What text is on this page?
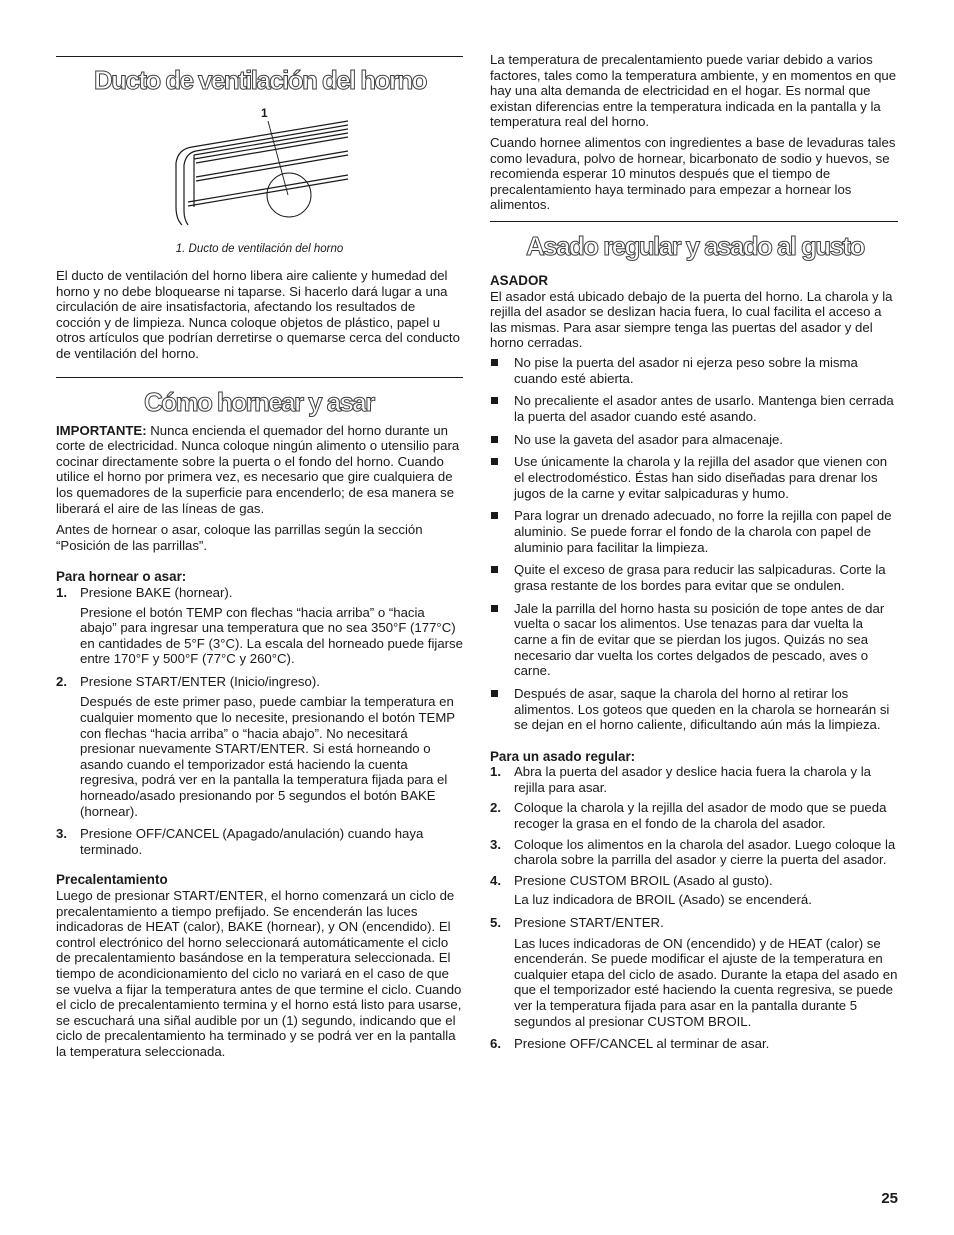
Ducto de ventilación del horno
1

1. Ducto de ventilación del horno

El ducto de ventilación del horno libera aire caliente y humedad del horno y no debe bloquearse ni taparse. Si hacerlo dará lugar a una circulación de aire insatisfactoria, afectando los resultados de cocción y de limpieza. Nunca coloque objetos de plástico, papel u otros artículos que podrían derretirse o quemarse cerca del conducto de ventilación del horno.

Cómo hornear y asar

IMPORTANTE: Nunca encienda el quemador del horno durante un corte de electricidad. Nunca coloque ningún alimento o utensilio para cocinar directamente sobre la puerta o el fondo del horno. Cuando utilice el horno por primera vez, es necesario que gire cualquiera de los quemadores de la superficie para encenderlo; de esa manera se liberará el aire de las líneas de gas.

Antes de hornear o asar, coloque las parrillas según la sección “Posición de las parrillas”.

Para hornear o asar:
1. Presione BAKE (hornear).
Presione el botón TEMP con flechas “hacia arriba” o “hacia abajo” para ingresar una temperatura que no sea 350°F (177°C) en cantidades de 5°F (3°C). La escala del horneado puede fijarse entre 170°F y 500°F (77°C y 260°C).
2. Presione START/ENTER (Inicio/ingreso).
Después de este primer paso, puede cambiar la temperatura en cualquier momento que lo necesite, presionando el botón TEMP con flechas “hacia arriba” o “hacia abajo”. No necesitará presionar nuevamente START/ENTER. Si está horneando o asando cuando el temporizador está haciendo la cuenta regresiva, podrá ver en la pantalla la temperatura fijada para el horneado/asado presionando por 5 segundos el botón BAKE (hornear).
3. Presione OFF/CANCEL (Apagado/anulación) cuando haya terminado.
Precalentamiento

Luego de presionar START/ENTER, el horno comenzará un ciclo de precalentamiento a tiempo prefijado. Se encenderán las luces indicadoras de HEAT (calor), BAKE (hornear), y ON (encendido). El control electrónico del horno seleccionará automáticamente el ciclo de precalentamiento basándose en la temperatura seleccionada. El tiempo de acondicionamiento del ciclo no variará en el caso de que se vuelva a fijar la temperatura antes de que termine el ciclo. Cuando el ciclo de precalentamiento termina y el horno está listo para usarse, se escuchará una siñal audible por un (1) segundo, indicando que el ciclo de precalentamiento ha terminado y se podrá ver en la pantalla la temperatura seleccionada.

La temperatura de precalentamiento puede variar debido a varios factores, tales como la temperatura ambiente, y en momentos en que hay una alta demanda de electricidad en el hogar. Es normal que existan diferencias entre la temperatura indicada en la pantalla y la temperatura real del horno.

Cuando hornee alimentos con ingredientes a base de levaduras tales como levadura, polvo de hornear, bicarbonato de sodio y huevos, se recomienda esperar 10 minutos después que el tiempo de precalentamiento haya terminado para empezar a hornear los alimentos.

Asado regular y asado al gusto
ASADOR

El asador está ubicado debajo de la puerta del horno. La charola y la rejilla del asador se deslizan hacia fuera, lo cual facilita el acceso a las mismas. Para asar siempre tenga las puertas del asador y del horno cerradas.

No pise la puerta del asador ni ejerza peso sobre la misma cuando esté abierta.
No precaliente el asador antes de usarlo. Mantenga bien cerrada la puerta del asador cuando esté asando.
No use la gaveta del asador para almacenaje.
Use únicamente la charola y la rejilla del asador que vienen con el electrodoméstico. Éstas han sido diseñadas para drenar los jugos de la carne y evitar salpicaduras y humo.
Para lograr un drenado adecuado, no forre la rejilla con papel de aluminio. Se puede forrar el fondo de la charola con papel de aluminio para facilitar la limpieza.
Quite el exceso de grasa para reducir las salpicaduras. Corte la grasa restante de los bordes para evitar que se ondulen.
Jale la parrilla del horno hasta su posición de tope antes de dar vuelta o sacar los alimentos. Use tenazas para dar vuelta la carne a fin de evitar que se pierdan los jugos. Quizás no sea necesario dar vuelta los cortes delgados de pescado, aves o carne.
Después de asar, saque la charola del horno al retirar los alimentos. Los goteos que queden en la charola se hornearán si se dejan en el horno caliente, dificultando aún más la limpieza.
Para un asado regular:
1. Abra la puerta del asador y deslice hacia fuera la charola y la rejilla para asar.
2. Coloque la charola y la rejilla del asador de modo que se pueda recoger la grasa en el fondo de la charola del asador.
3. Coloque los alimentos en la charola del asador. Luego coloque la charola sobre la parrilla del asador y cierre la puerta del asador.
4. Presione CUSTOM BROIL (Asado al gusto).
La luz indicadora de BROIL (Asado) se encenderá.
5. Presione START/ENTER.
Las luces indicadoras de ON (encendido) y de HEAT (calor) se encenderán. Se puede modificar el ajuste de la temperatura en cualquier etapa del ciclo de asado. Durante la etapa del asado en que el temporizador esté haciendo la cuenta regresiva, se puede ver la temperatura fijada para asar en la pantalla durante 5 segundos al presionar CUSTOM BROIL.
6. Presione OFF/CANCEL al terminar de asar.
25
